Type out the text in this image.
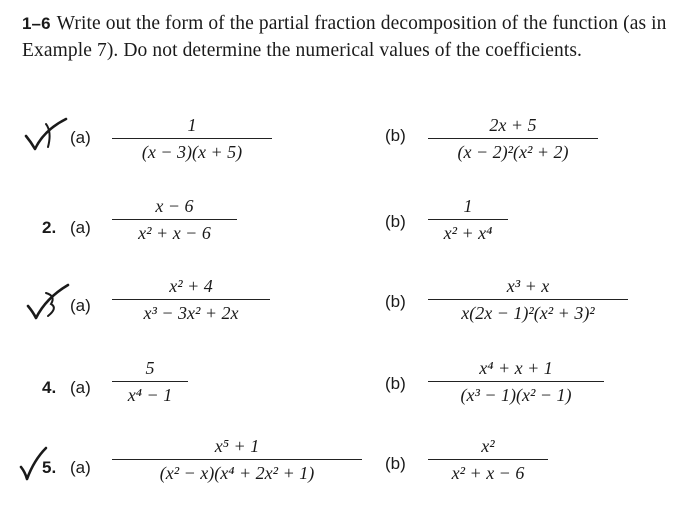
1–6 Write out the form of the partial fraction decomposition of the function (as in Example 7). Do not determine the numerical values of the coefficients.
(a)
1
(x − 3)(x + 5)
(b)
2x + 5
(x − 2)²(x² + 2)
2. (a)
x − 6
x² + x − 6
(b)
1
x² + x⁴
(a)
x² + 4
x³ − 3x² + 2x
(b)
x³ + x
x(2x − 1)²(x² + 3)²
4. (a)
5
x⁴ − 1
(b)
x⁴ + x + 1
(x³ − 1)(x² − 1)
5. (a)
x⁵ + 1
(x² − x)(x⁴ + 2x² + 1)	(b)
x²
x² + x − 6
